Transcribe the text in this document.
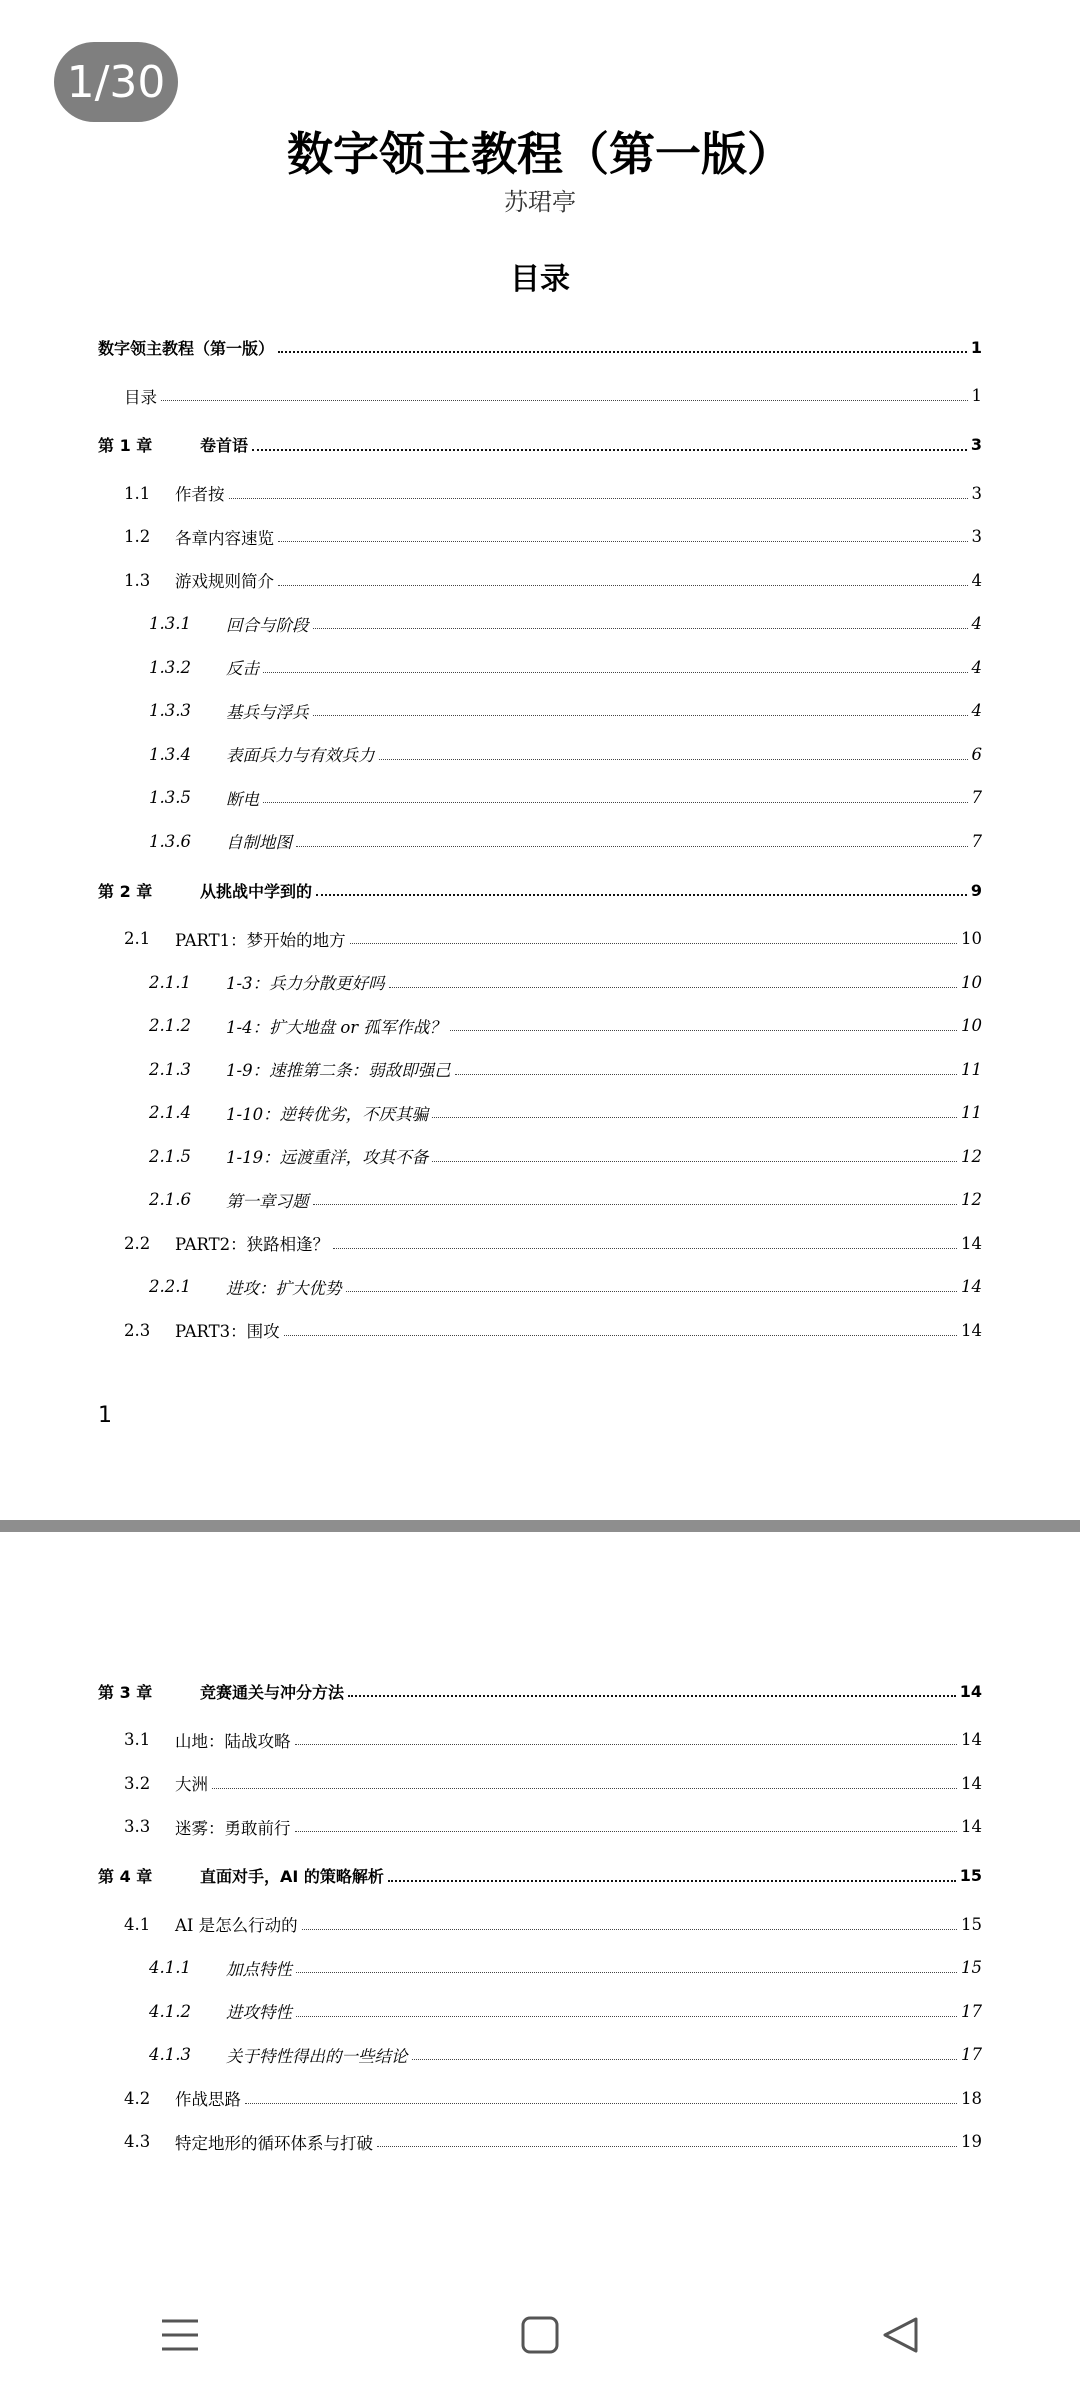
1/30
数字领主教程（第一版）
苏珺亭
目录
数字领主教程（第一版）	1
目录	1
第 1 章	卷首语	3
1.1	作者按	3
1.2	各章内容速览	3
1.3	游戏规则简介	4
1.3.1	回合与阶段	4
1.3.2	反击	4
1.3.3	基兵与浮兵	4
1.3.4	表面兵力与有效兵力	6
1.3.5	断电	7
1.3.6	自制地图	7
第 2 章	从挑战中学到的	9
2.1	PART1：梦开始的地方	10
2.1.1	1-3：兵力分散更好吗	10
2.1.2	1-4：扩大地盘 or 孤军作战？	10
2.1.3	1-9：速推第二条：弱敌即强己	11
2.1.4	1-10：逆转优劣，不厌其骗	11
2.1.5	1-19：远渡重洋，攻其不备	12
2.1.6	第一章习题	12
2.2	PART2：狭路相逢？	14
2.2.1	进攻：扩大优势	14
2.3	PART3：围攻	14
1
第 3 章	竞赛通关与冲分方法	14
3.1	山地：陆战攻略	14
3.2	大洲	14
3.3	迷雾：勇敢前行	14
第 4 章	直面对手，AI 的策略解析	15
4.1	AI 是怎么行动的	15
4.1.1	加点特性	15
4.1.2	进攻特性	17
4.1.3	关于特性得出的一些结论	17
4.2	作战思路	18
4.3	特定地形的循环体系与打破	19
